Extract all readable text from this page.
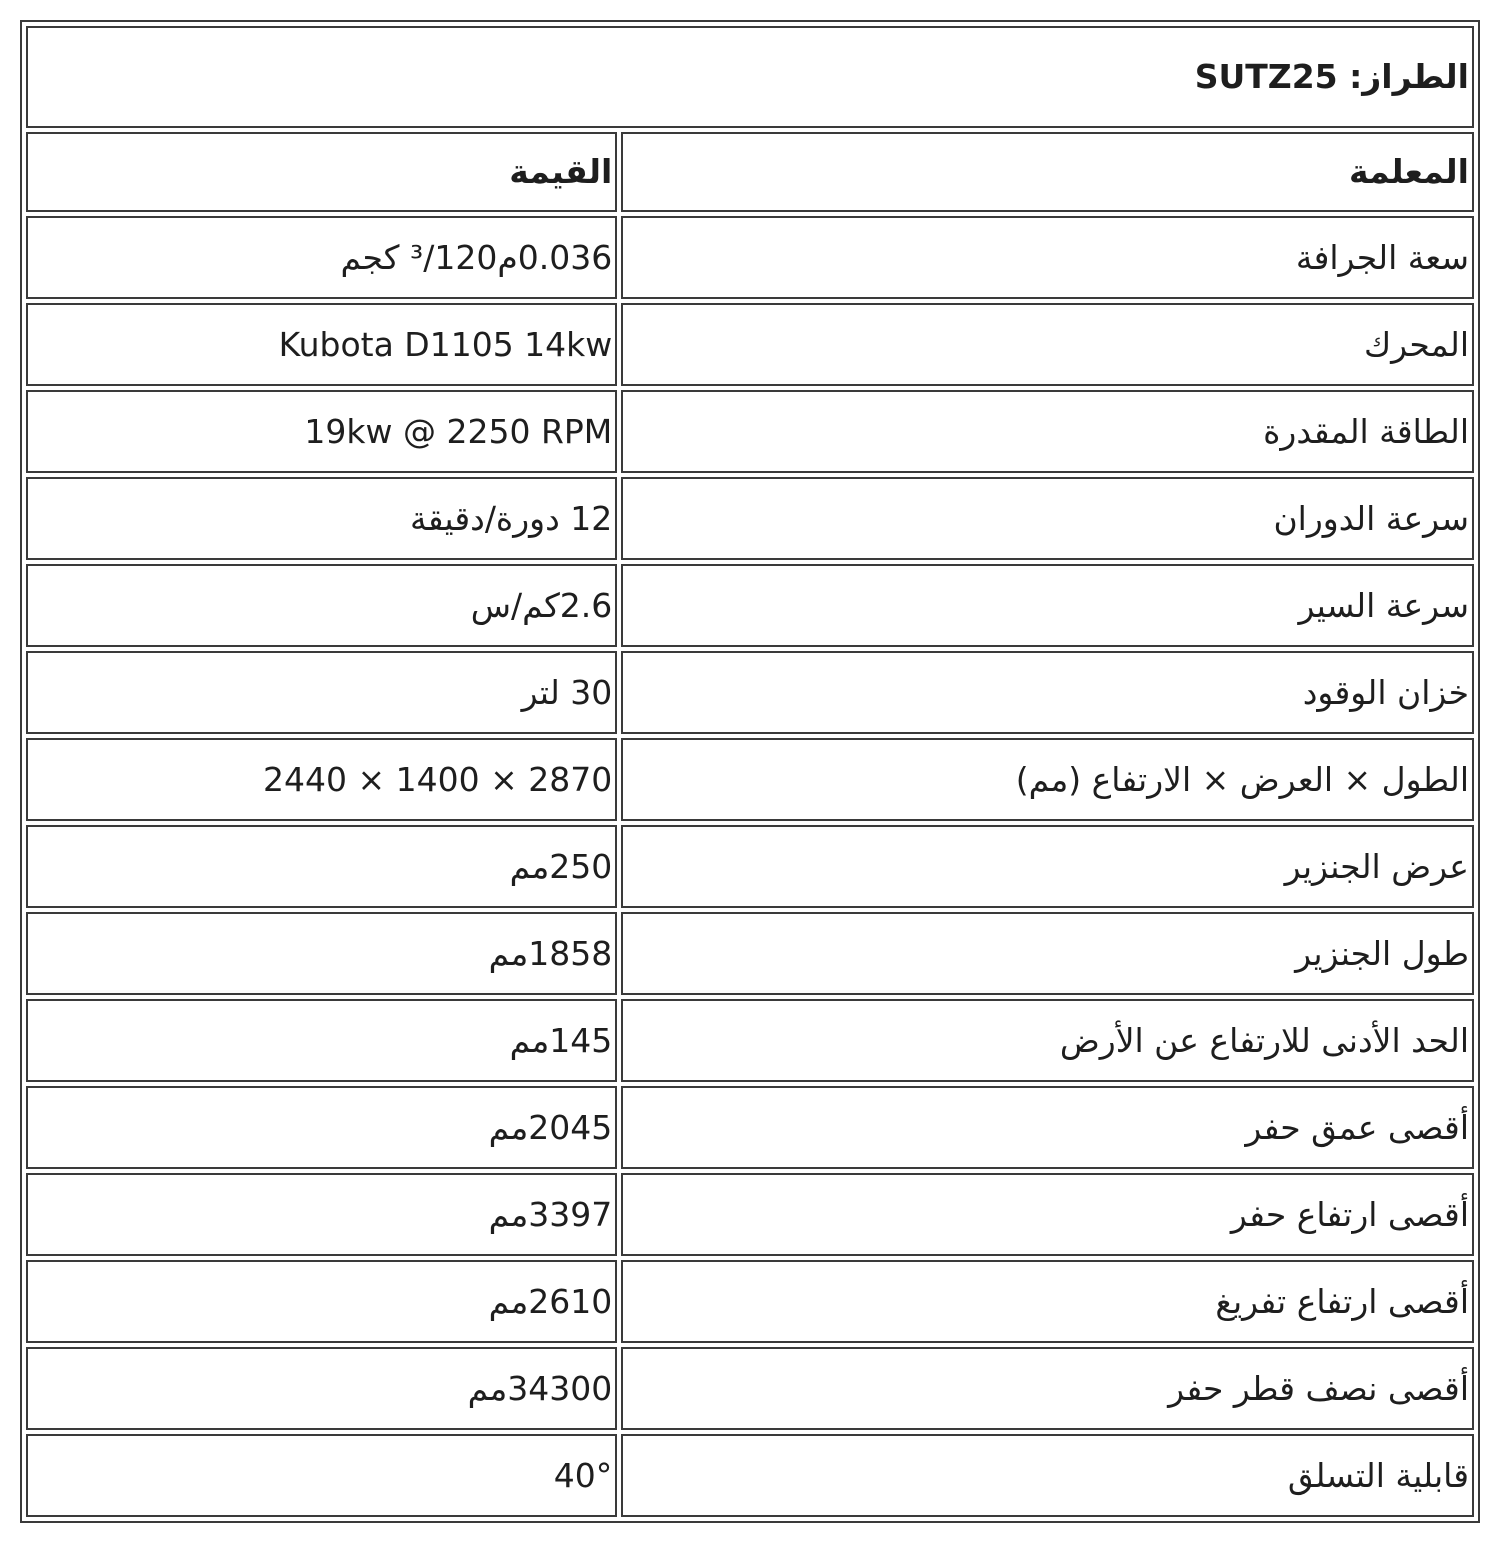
الطراز: SUTZ25	
المعلمة	القيمة
سعة الجرافة	0.036م³/120 كجم
المحرك	Kubota D1105 14kw
الطاقة المقدرة	19kw @ 2250 RPM
سرعة الدوران	12 دورة/دقيقة
سرعة السير	2.6كم/س
خزان الوقود	30 لتر
الطول × العرض × الارتفاع (مم)	2870 × 1400 × 2440
عرض الجنزير	250مم
طول الجنزير	1858مم
الحد الأدنى للارتفاع عن الأرض	145مم
أقصى عمق حفر	2045مم
أقصى ارتفاع حفر	3397مم
أقصى ارتفاع تفريغ	2610مم
أقصى نصف قطر حفر	34300مم
قابلية التسلق	40°
